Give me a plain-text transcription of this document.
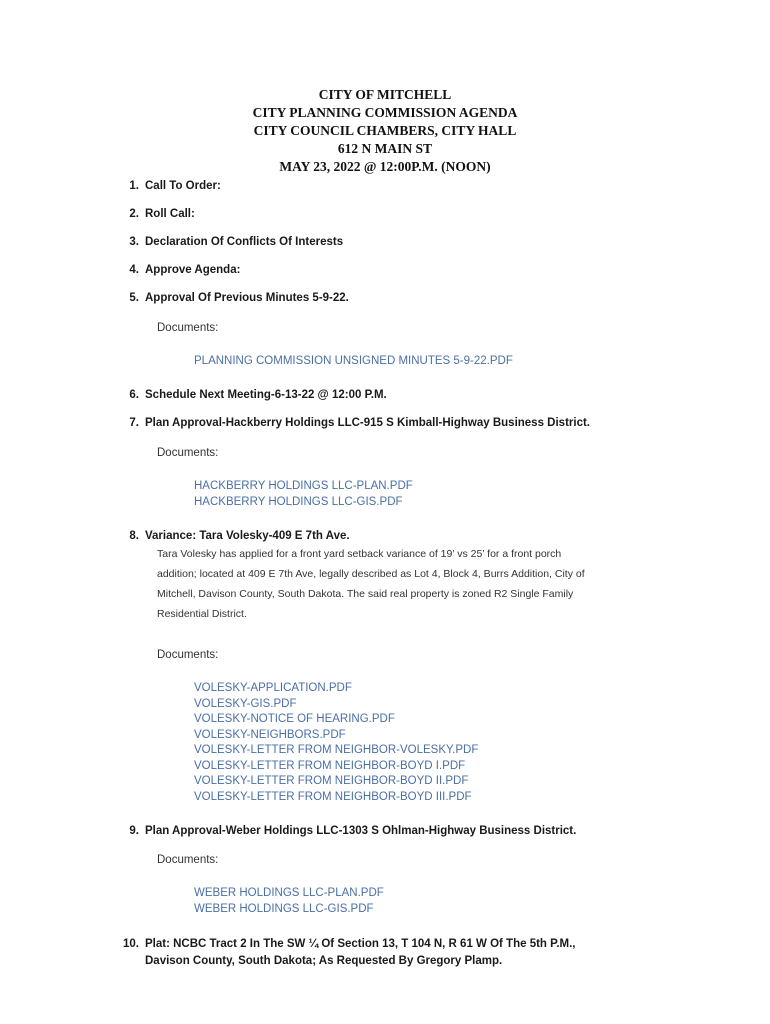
CITY OF MITCHELL
CITY PLANNING COMMISSION AGENDA
CITY COUNCIL CHAMBERS, CITY HALL
612 N MAIN ST
MAY 23, 2022 @ 12:00P.M. (NOON)
1. Call To Order:
2. Roll Call:
3. Declaration Of Conflicts Of Interests
4. Approve Agenda:
5. Approval Of Previous Minutes 5-9-22.
Documents:
PLANNING COMMISSION UNSIGNED MINUTES 5-9-22.PDF
6. Schedule Next Meeting-6-13-22 @ 12:00 P.M.
7. Plan Approval-Hackberry Holdings LLC-915 S Kimball-Highway Business District.
Documents:
HACKBERRY HOLDINGS LLC-PLAN.PDF
HACKBERRY HOLDINGS LLC-GIS.PDF
8. Variance: Tara Volesky-409 E 7th Ave.
Tara Volesky has applied for a front yard setback variance of 19’ vs 25’ for a front porch
addition; located at 409 E 7th Ave, legally described as Lot 4, Block 4, Burrs Addition, City of
Mitchell, Davison County, South Dakota. The said real property is zoned R2 Single Family
Residential District.
Documents:
VOLESKY-APPLICATION.PDF
VOLESKY-GIS.PDF
VOLESKY-NOTICE OF HEARING.PDF
VOLESKY-NEIGHBORS.PDF
VOLESKY-LETTER FROM NEIGHBOR-VOLESKY.PDF
VOLESKY-LETTER FROM NEIGHBOR-BOYD I.PDF
VOLESKY-LETTER FROM NEIGHBOR-BOYD II.PDF
VOLESKY-LETTER FROM NEIGHBOR-BOYD III.PDF
9. Plan Approval-Weber Holdings LLC-1303 S Ohlman-Highway Business District.
Documents:
WEBER HOLDINGS LLC-PLAN.PDF
WEBER HOLDINGS LLC-GIS.PDF
10. Plat: NCBC Tract 2 In The SW ¼ Of Section 13, T 104 N, R 61 W Of The 5th P.M.,
Davison County, South Dakota; As Requested By Gregory Plamp.
